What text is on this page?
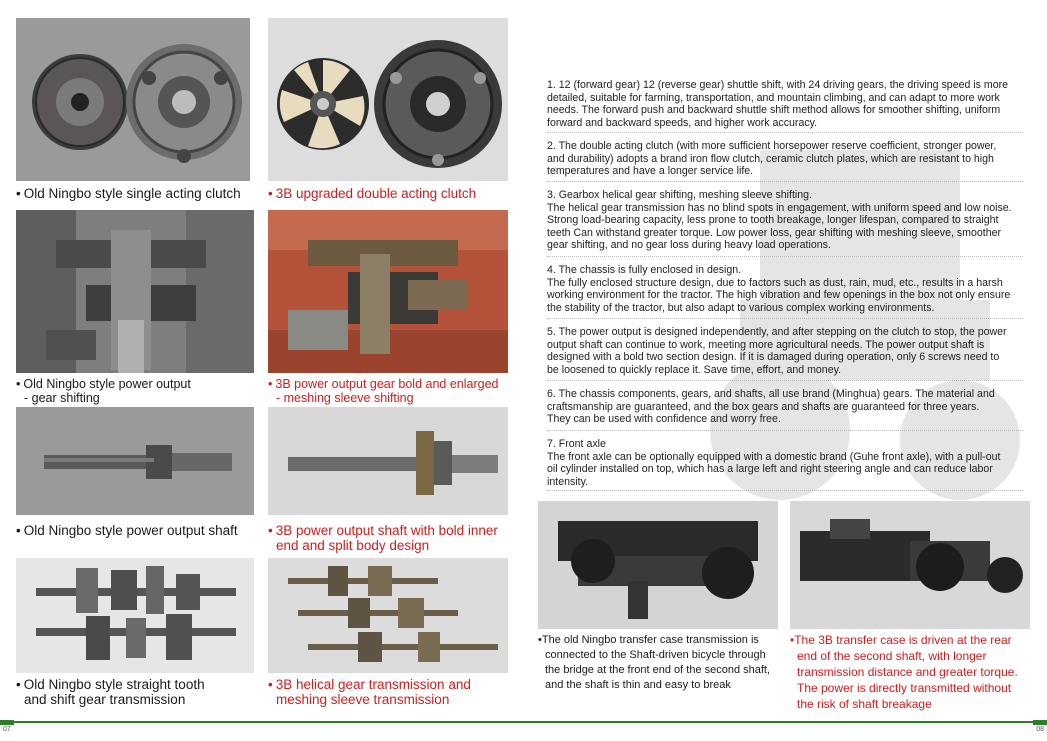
• Old Ningbo style single acting clutch	• 3B upgraded double acting clutch
• Old Ningbo style power output
- gear shifting
• 3B power output gear bold and enlarged
- meshing sleeve shifting
• Old Ningbo style power output shaft	• 3B power output shaft with bold inner
end and split body design
• Old Ningbo style straight tooth
and shift gear transmission
• 3B helical gear transmission and
meshing sleeve transmission

1. 12 (forward gear) 12 (reverse gear) shuttle shift, with 24 driving gears, the driving speed is more

detailed, suitable for farming, transportation, and mountain climbing, and can adapt to more work

needs. The forward push and backward shuttle shift method allows for smoother shifting, uniform

forward and backward speeds, and higher work accuracy.

2. The double acting clutch (with more sufficient horsepower reserve coefficient, stronger power,

and durability) adopts a brand iron flow clutch, ceramic clutch plates, which are resistant to high

temperatures and have a longer service life.

3. Gearbox helical gear shifting, meshing sleeve shifting.

The helical gear transmission has no blind spots in engagement, with uniform speed and low noise.

Strong load-bearing capacity, less prone to tooth breakage, longer lifespan, compared to straight

teeth Can withstand greater torque. Low power loss, gear shifting with meshing sleeve, smoother

gear shifting, and no gear loss during heavy load operations.

4. The chassis is fully enclosed in design.

The fully enclosed structure design, due to factors such as dust, rain, mud, etc., results in a harsh

working environment for the tractor. The high vibration and few openings in the box not only ensure

the stability of the tractor, but also adapt to various complex working environments.

5. The power output is designed independently, and after stepping on the clutch to stop, the power

output shaft can continue to work, meeting more agricultural needs. The power output shaft is

designed with a bold two section design. If it is damaged during operation, only 6 screws need to

be loosened to quickly replace it. Save time, effort, and money.

6. The chassis components, gears, and shafts, all use brand (Minghua) gears. The material and

craftsmanship are guaranteed, and the box gears and shafts are guaranteed for three years.

They can be used with confidence and worry free.

7. Front axle

The front axle can be optionally equipped with a domestic brand (Guhe front axle), with a pull-out

oil cylinder installed on top, which has a large left and right steering angle and can reduce labor

intensity.

•The old Ningbo transfer case transmission is
connected to the Shaft-driven bicycle through
the bridge at the front end of the second shaft,
and the shaft is thin and easy to break
•The 3B transfer case is driven at the rear
end of the second shaft, with longer
transmission distance and greater torque.
The power is directly transmitted without
the risk of shaft breakage
07	08
